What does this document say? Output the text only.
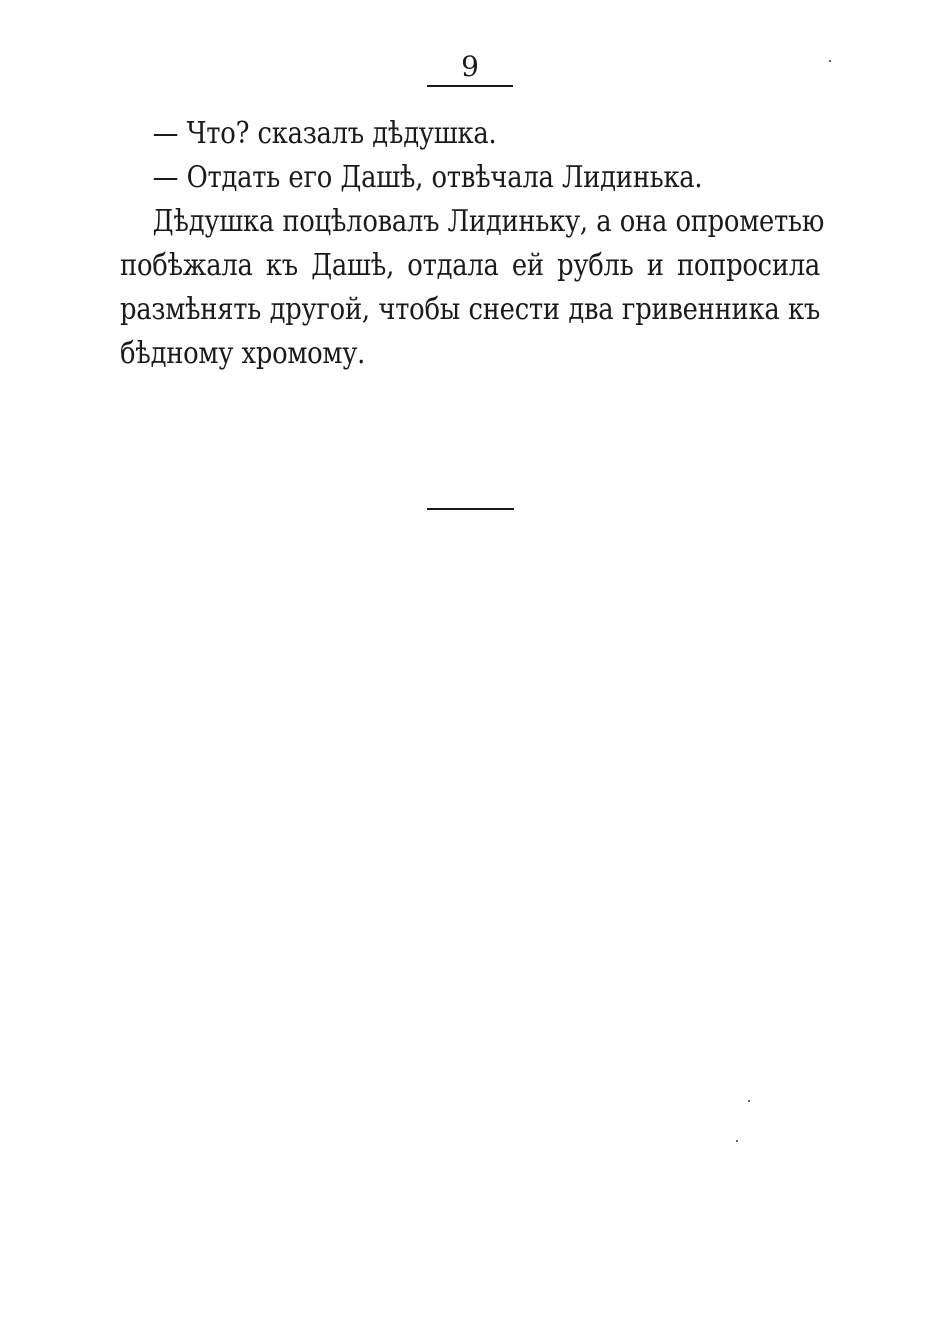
9
— Что? сказалъ дѣдушка.
— Отдать его Дашѣ, отвѣчала Лидинька.
Дѣдушка поцѣловалъ Лидиньку, а она опрометью
побѣжала къ Дашѣ, отдала ей рубль и попросила
размѣнять другой, чтобы снести два гривенника къ
бѣдному хромому.
